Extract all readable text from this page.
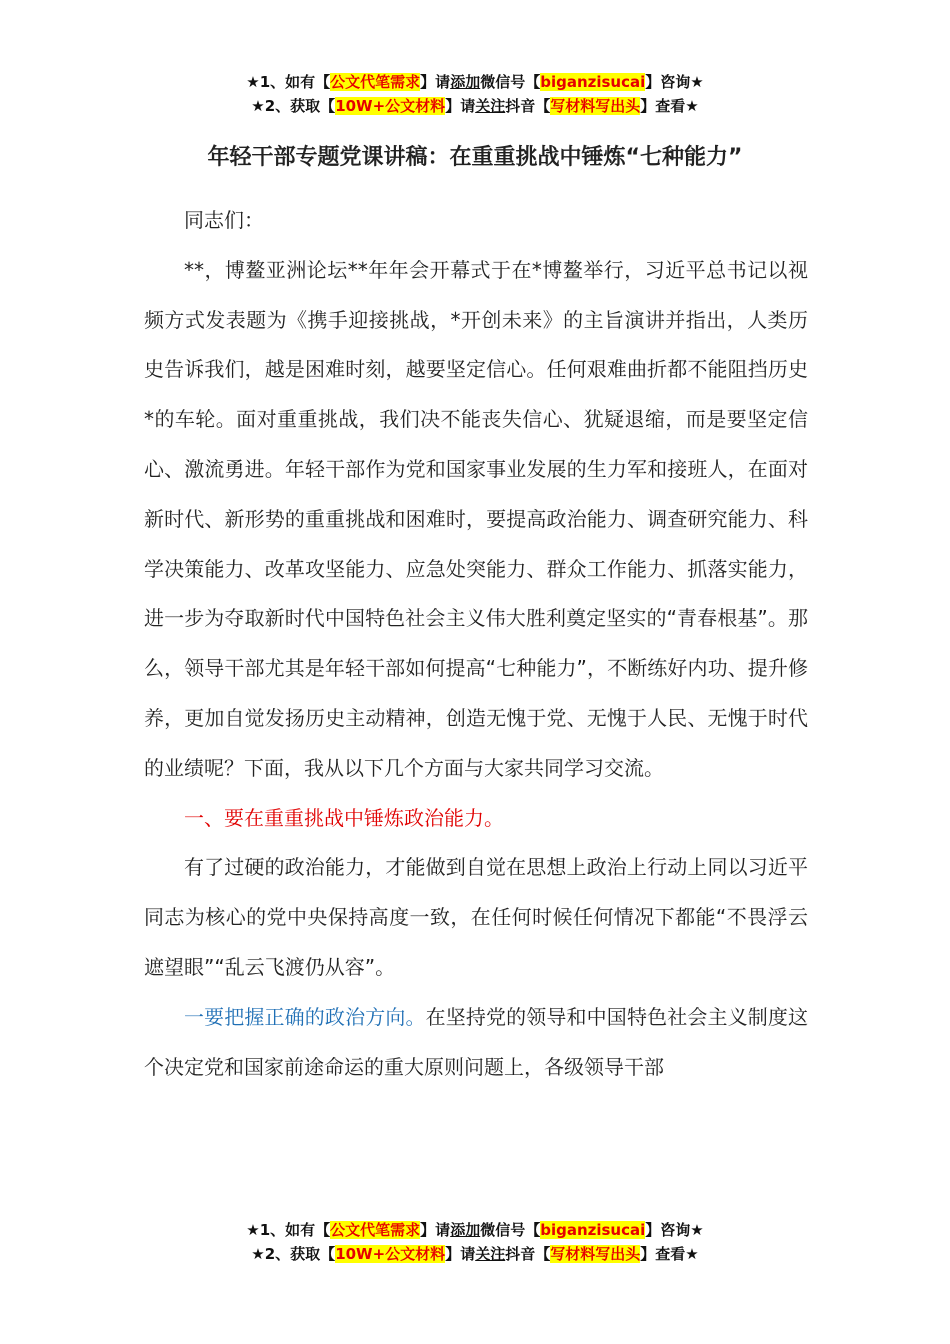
★1、如有【公文代笔需求】请添加微信号【biganzisucai】咨询★
★2、获取【10W+公文材料】请关注抖音【写材料写出头】查看★
年轻干部专题党课讲稿：在重重挑战中锤炼“七种能力”

同志们：

**，博鳌亚洲论坛**年年会开幕式于在*博鳌举行，习近平总书记以视频方式发表题为《携手迎接挑战，*开创未来》的主旨演讲并指出，人类历史告诉我们，越是困难时刻，越要坚定信心。任何艰难曲折都不能阻挡历史*的车轮。面对重重挑战，我们决不能丧失信心、犹疑退缩，而是要坚定信心、激流勇进。年轻干部作为党和国家事业发展的生力军和接班人，在面对新时代、新形势的重重挑战和困难时，要提高政治能力、调查研究能力、科学决策能力、改革攻坚能力、应急处突能力、群众工作能力、抓落实能力，进一步为夺取新时代中国特色社会主义伟大胜利奠定坚实的“青春根基”。那么，领导干部尤其是年轻干部如何提高“七种能力”，不断练好内功、提升修养，更加自觉发扬历史主动精神，创造无愧于党、无愧于人民、无愧于时代的业绩呢？下面，我从以下几个方面与大家共同学习交流。

一、要在重重挑战中锤炼政治能力。

有了过硬的政治能力，才能做到自觉在思想上政治上行动上同以习近平同志为核心的党中央保持高度一致，在任何时候任何情况下都能“不畏浮云遮望眼”“乱云飞渡仍从容”。

一要把握正确的政治方向。在坚持党的领导和中国特色社会主义制度这个决定党和国家前途命运的重大原则问题上，各级领导干部

★1、如有【公文代笔需求】请添加微信号【biganzisucai】咨询★
★2、获取【10W+公文材料】请关注抖音【写材料写出头】查看★
